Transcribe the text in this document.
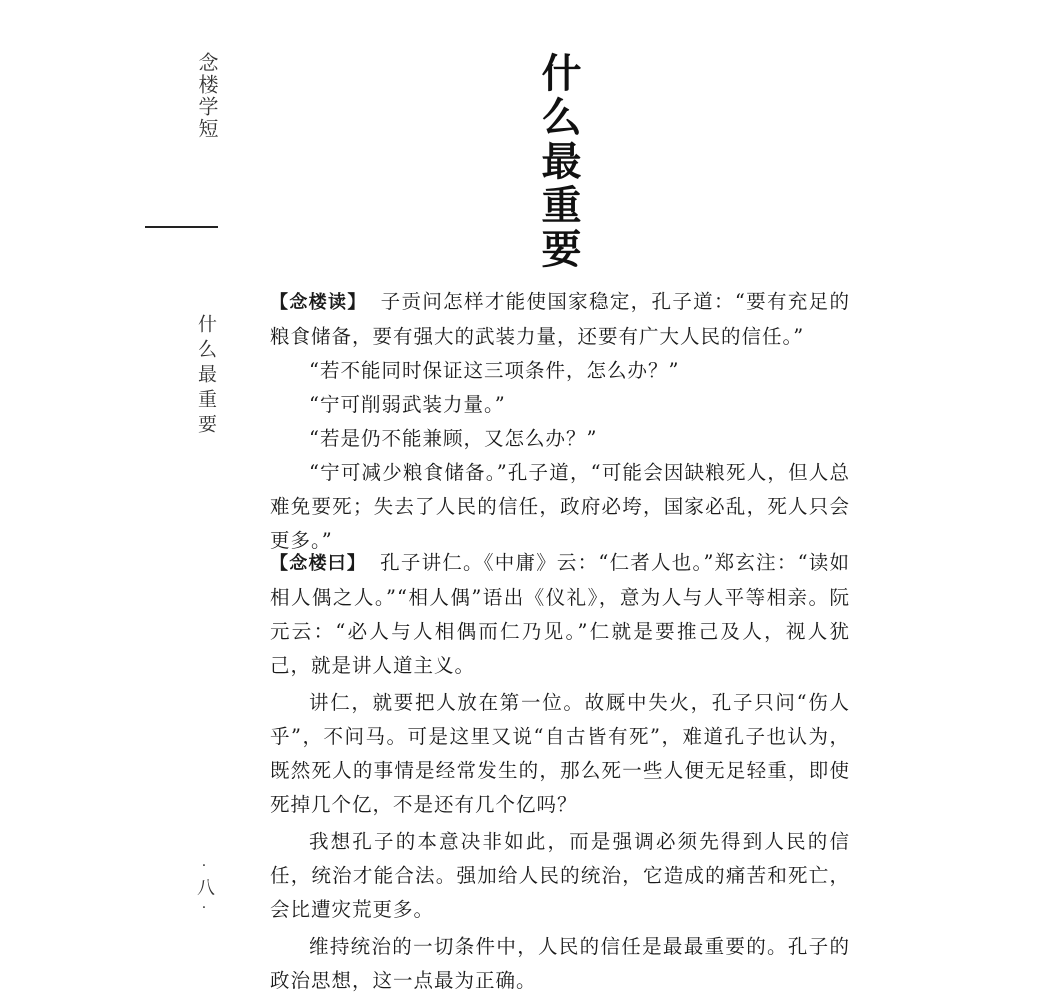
念楼学短
什么最重要
·八·
什么最重要

【念楼读】 子贡问怎样才能使国家稳定，孔子道：“要有充足的粮食储备，要有强大的武装力量，还要有广大人民的信任。”

“若不能同时保证这三项条件，怎么办？”

“宁可削弱武装力量。”

“若是仍不能兼顾，又怎么办？”

“宁可减少粮食储备。”孔子道，“可能会因缺粮死人，但人总难免要死；失去了人民的信任，政府必垮，国家必乱，死人只会更多。”

【念楼曰】 孔子讲仁。《中庸》云：“仁者人也。”郑玄注：“读如相人偶之人。”“相人偶”语出《仪礼》，意为人与人平等相亲。阮元云：“必人与人相偶而仁乃见。”仁就是要推己及人，视人犹己，就是讲人道主义。

讲仁，就要把人放在第一位。故厩中失火，孔子只问“伤人乎”，不问马。可是这里又说“自古皆有死”，难道孔子也认为，既然死人的事情是经常发生的，那么死一些人便无足轻重，即使死掉几个亿，不是还有几个亿吗？

我想孔子的本意决非如此，而是强调必须先得到人民的信任，统治才能合法。强加给人民的统治，它造成的痛苦和死亡，会比遭灾荒更多。

维持统治的一切条件中，人民的信任是最最重要的。孔子的政治思想，这一点最为正确。
